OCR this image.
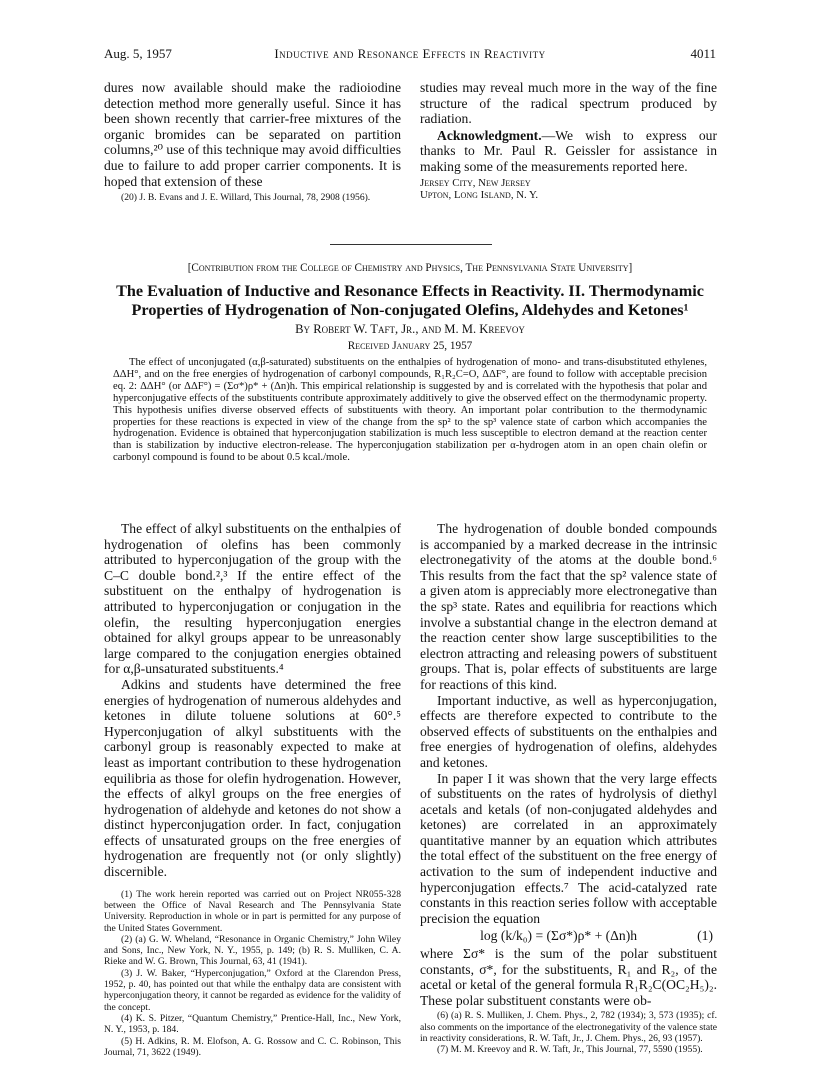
Aug. 5, 1957	Inductive and Resonance Effects in Reactivity	4011

dures now available should make the radioiodine detection method more generally useful. Since it has been shown recently that carrier-free mixtures of the organic bromides can be separated on partition columns,²⁰ use of this technique may avoid difficulties due to failure to add proper carrier components. It is hoped that extension of these

(20) J. B. Evans and J. E. Willard, This Journal, 78, 2908 (1956).

studies may reveal much more in the way of the fine structure of the radical spectrum produced by radiation.

Acknowledgment.—We wish to express our thanks to Mr. Paul R. Geissler for assistance in making some of the measurements reported here.

Jersey City, New Jersey
Upton, Long Island, N. Y.
[Contribution from the College of Chemistry and Physics, The Pennsylvania State University]
The Evaluation of Inductive and Resonance Effects in Reactivity. II. Thermodynamic
Properties of Hydrogenation of Non-conjugated Olefins, Aldehydes and Ketones¹
By Robert W. Taft, Jr., and M. M. Kreevoy
Received January 25, 1957

The effect of unconjugated (α,β-saturated) substituents on the enthalpies of hydrogenation of mono- and trans-disubstituted ethylenes, ΔΔH°, and on the free energies of hydrogenation of carbonyl compounds, R₁R₂C=O, ΔΔF°, are found to follow with acceptable precision eq. 2: ΔΔH° (or ΔΔF°) = (Σσ*)ρ* + (Δn)h. This empirical relationship is suggested by and is correlated with the hypothesis that polar and hyperconjugative effects of the substituents contribute approximately additively to give the observed effect on the thermodynamic property. This hypothesis unifies diverse observed effects of substituents with theory. An important polar contribution to the thermodynamic properties for these reactions is expected in view of the change from the sp² to the sp³ valence state of carbon which accompanies the hydrogenation. Evidence is obtained that hyperconjugation stabilization is much less susceptible to electron demand at the reaction center than is stabilization by inductive electron-release. The hyperconjugation stabilization per α-hydrogen atom in an open chain olefin or carbonyl compound is found to be about 0.5 kcal./mole.

The effect of alkyl substituents on the enthalpies of hydrogenation of olefins has been commonly attributed to hyperconjugation of the group with the C–C double bond.²,³ If the entire effect of the substituent on the enthalpy of hydrogenation is attributed to hyperconjugation or conjugation in the olefin, the resulting hyperconjugation energies obtained for alkyl groups appear to be unreasonably large compared to the conjugation energies obtained for α,β-unsaturated substituents.⁴

Adkins and students have determined the free energies of hydrogenation of numerous aldehydes and ketones in dilute toluene solutions at 60°.⁵ Hyperconjugation of alkyl substituents with the carbonyl group is reasonably expected to make at least as important contribution to these hydrogenation equilibria as those for olefin hydrogenation. However, the effects of alkyl groups on the free energies of hydrogenation of aldehyde and ketones do not show a distinct hyperconjugation order. In fact, conjugation effects of unsaturated groups on the free energies of hydrogenation are frequently not (or only slightly) discernible.

(1) The work herein reported was carried out on Project NR055-328 between the Office of Naval Research and The Pennsylvania State University. Reproduction in whole or in part is permitted for any purpose of the United States Government.

(2) (a) G. W. Wheland, “Resonance in Organic Chemistry,” John Wiley and Sons, Inc., New York, N. Y., 1955, p. 149; (b) R. S. Mulliken, C. A. Rieke and W. G. Brown, This Journal, 63, 41 (1941).

(3) J. W. Baker, “Hyperconjugation,” Oxford at the Clarendon Press, 1952, p. 40, has pointed out that while the enthalpy data are consistent with hyperconjugation theory, it cannot be regarded as evidence for the validity of the concept.

(4) K. S. Pitzer, “Quantum Chemistry,” Prentice-Hall, Inc., New York, N. Y., 1953, p. 184.

(5) H. Adkins, R. M. Elofson, A. G. Rossow and C. C. Robinson, This Journal, 71, 3622 (1949).

The hydrogenation of double bonded compounds is accompanied by a marked decrease in the intrinsic electronegativity of the atoms at the double bond.⁶ This results from the fact that the sp² valence state of a given atom is appreciably more electronegative than the sp³ state. Rates and equilibria for reactions which involve a substantial change in the electron demand at the reaction center show large susceptibilities to the electron attracting and releasing powers of substituent groups. That is, polar effects of substituents are large for reactions of this kind.

Important inductive, as well as hyperconjugation, effects are therefore expected to contribute to the observed effects of substituents on the enthalpies and free energies of hydrogenation of olefins, aldehydes and ketones.

In paper I it was shown that the very large effects of substituents on the rates of hydrolysis of diethyl acetals and ketals (of non-conjugated aldehydes and ketones) are correlated in an approximately quantitative manner by an equation which attributes the total effect of the substituent on the free energy of activation to the sum of independent inductive and hyperconjugation effects.⁷ The acid-catalyzed rate constants in this reaction series follow with acceptable precision the equation

log (k/k₀) = (Σσ*)ρ* + (Δn)h	(1)

where Σσ* is the sum of the polar substituent constants, σ*, for the substituents, R₁ and R₂, of the acetal or ketal of the general formula R₁R₂C(OC₂H₅)₂. These polar substituent constants were ob-

(6) (a) R. S. Mulliken, J. Chem. Phys., 2, 782 (1934); 3, 573 (1935); cf. also comments on the importance of the electronegativity of the valence state in reactivity considerations, R. W. Taft, Jr., J. Chem. Phys., 26, 93 (1957).

(7) M. M. Kreevoy and R. W. Taft, Jr., This Journal, 77, 5590 (1955).
